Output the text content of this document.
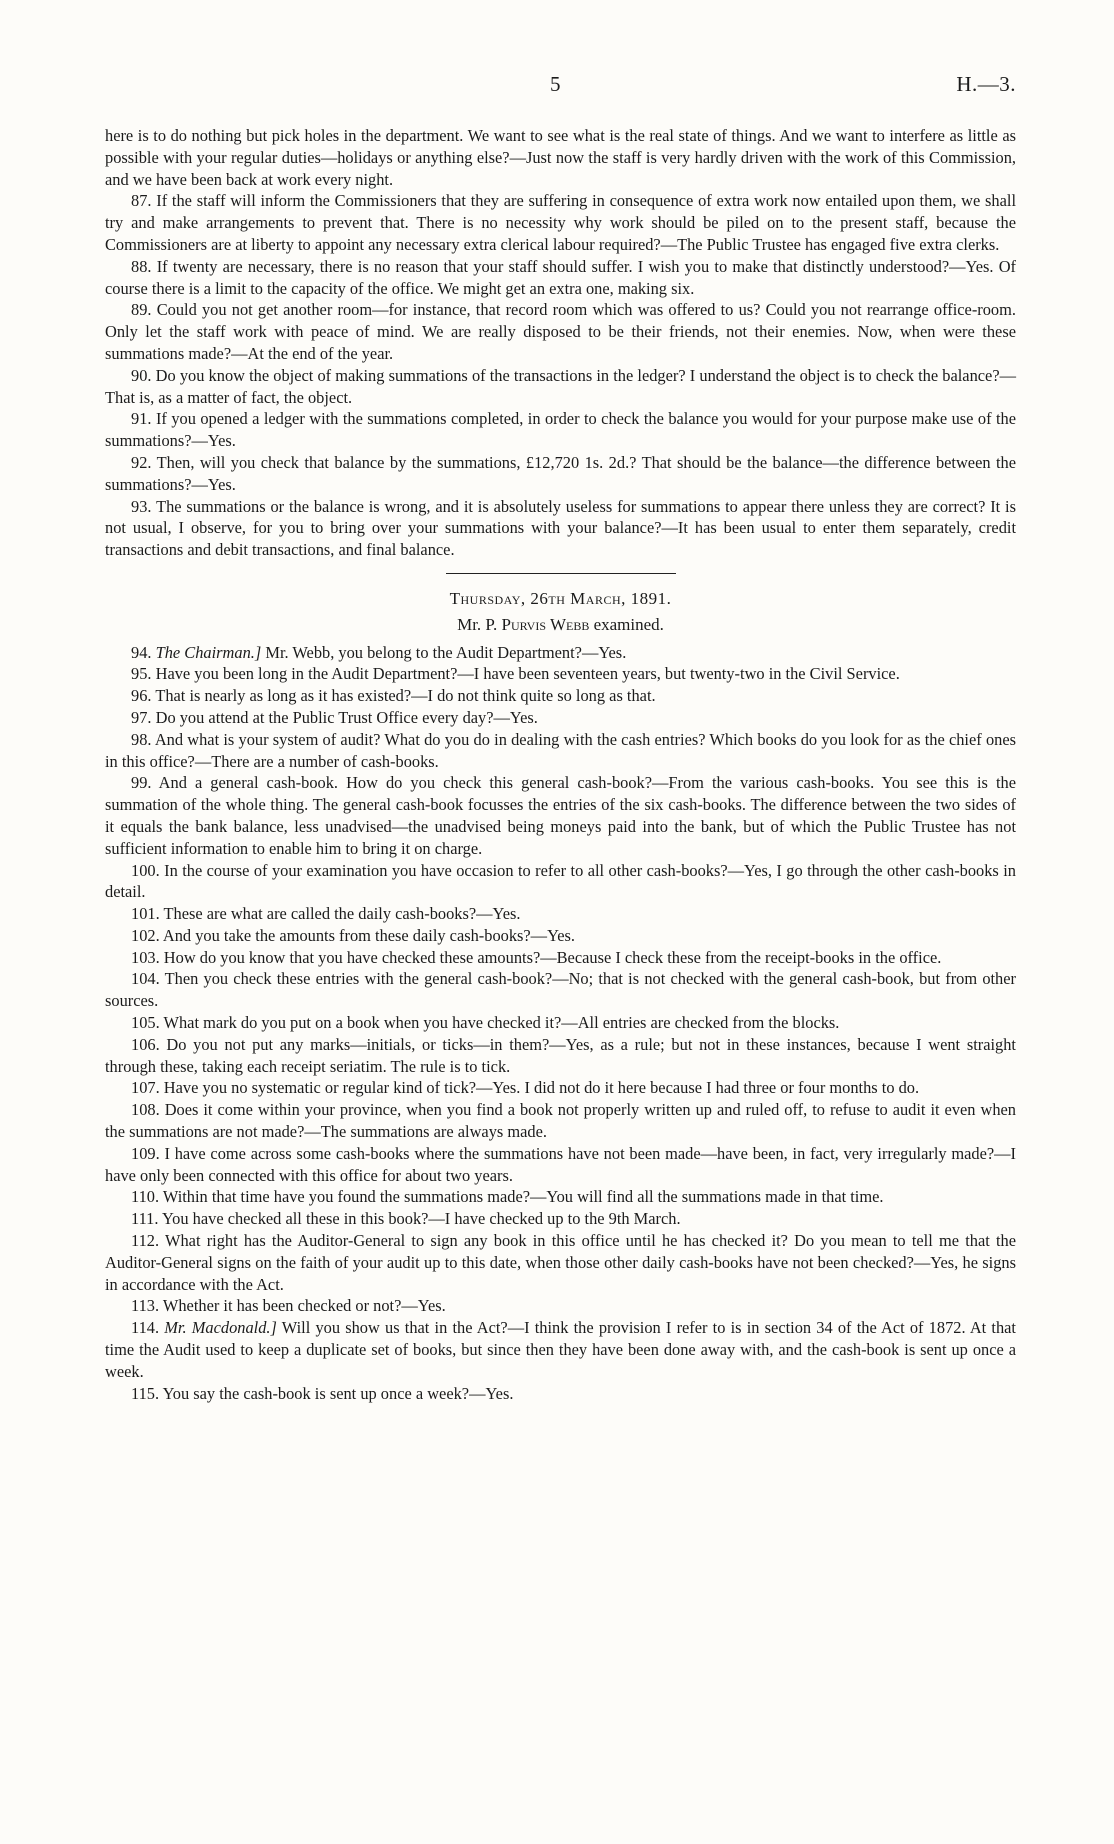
5	H.—3.

here is to do nothing but pick holes in the department. We want to see what is the real state of things. And we want to interfere as little as possible with your regular duties—holidays or anything else?—Just now the staff is very hardly driven with the work of this Commission, and we have been back at work every night.

87. If the staff will inform the Commissioners that they are suffering in consequence of extra work now entailed upon them, we shall try and make arrangements to prevent that. There is no necessity why work should be piled on to the present staff, because the Commissioners are at liberty to appoint any necessary extra clerical labour required?—The Public Trustee has engaged five extra clerks.

88. If twenty are necessary, there is no reason that your staff should suffer. I wish you to make that distinctly understood?—Yes. Of course there is a limit to the capacity of the office. We might get an extra one, making six.

89. Could you not get another room—for instance, that record room which was offered to us? Could you not rearrange office-room. Only let the staff work with peace of mind. We are really disposed to be their friends, not their enemies. Now, when were these summations made?—At the end of the year.

90. Do you know the object of making summations of the transactions in the ledger? I understand the object is to check the balance?—That is, as a matter of fact, the object.

91. If you opened a ledger with the summations completed, in order to check the balance you would for your purpose make use of the summations?—Yes.

92. Then, will you check that balance by the summations, £12,720 1s. 2d.? That should be the balance—the difference between the summations?—Yes.

93. The summations or the balance is wrong, and it is absolutely useless for summations to appear there unless they are correct? It is not usual, I observe, for you to bring over your summations with your balance?—It has been usual to enter them separately, credit transactions and debit transactions, and final balance.

Thursday, 26th March, 1891.
Mr. P. Purvis Webb examined.

94. The Chairman.] Mr. Webb, you belong to the Audit Department?—Yes.

95. Have you been long in the Audit Department?—I have been seventeen years, but twenty-two in the Civil Service.

96. That is nearly as long as it has existed?—I do not think quite so long as that.

97. Do you attend at the Public Trust Office every day?—Yes.

98. And what is your system of audit? What do you do in dealing with the cash entries? Which books do you look for as the chief ones in this office?—There are a number of cash-books.

99. And a general cash-book. How do you check this general cash-book?—From the various cash-books. You see this is the summation of the whole thing. The general cash-book focusses the entries of the six cash-books. The difference between the two sides of it equals the bank balance, less unadvised—the unadvised being moneys paid into the bank, but of which the Public Trustee has not sufficient information to enable him to bring it on charge.

100. In the course of your examination you have occasion to refer to all other cash-books?—Yes, I go through the other cash-books in detail.

101. These are what are called the daily cash-books?—Yes.

102. And you take the amounts from these daily cash-books?—Yes.

103. How do you know that you have checked these amounts?—Because I check these from the receipt-books in the office.

104. Then you check these entries with the general cash-book?—No; that is not checked with the general cash-book, but from other sources.

105. What mark do you put on a book when you have checked it?—All entries are checked from the blocks.

106. Do you not put any marks—initials, or ticks—in them?—Yes, as a rule; but not in these instances, because I went straight through these, taking each receipt seriatim. The rule is to tick.

107. Have you no systematic or regular kind of tick?—Yes. I did not do it here because I had three or four months to do.

108. Does it come within your province, when you find a book not properly written up and ruled off, to refuse to audit it even when the summations are not made?—The summations are always made.

109. I have come across some cash-books where the summations have not been made—have been, in fact, very irregularly made?—I have only been connected with this office for about two years.

110. Within that time have you found the summations made?—You will find all the summations made in that time.

111. You have checked all these in this book?—I have checked up to the 9th March.

112. What right has the Auditor-General to sign any book in this office until he has checked it? Do you mean to tell me that the Auditor-General signs on the faith of your audit up to this date, when those other daily cash-books have not been checked?—Yes, he signs in accordance with the Act.

113. Whether it has been checked or not?—Yes.

114. Mr. Macdonald.] Will you show us that in the Act?—I think the provision I refer to is in section 34 of the Act of 1872. At that time the Audit used to keep a duplicate set of books, but since then they have been done away with, and the cash-book is sent up once a week.

115. You say the cash-book is sent up once a week?—Yes.
